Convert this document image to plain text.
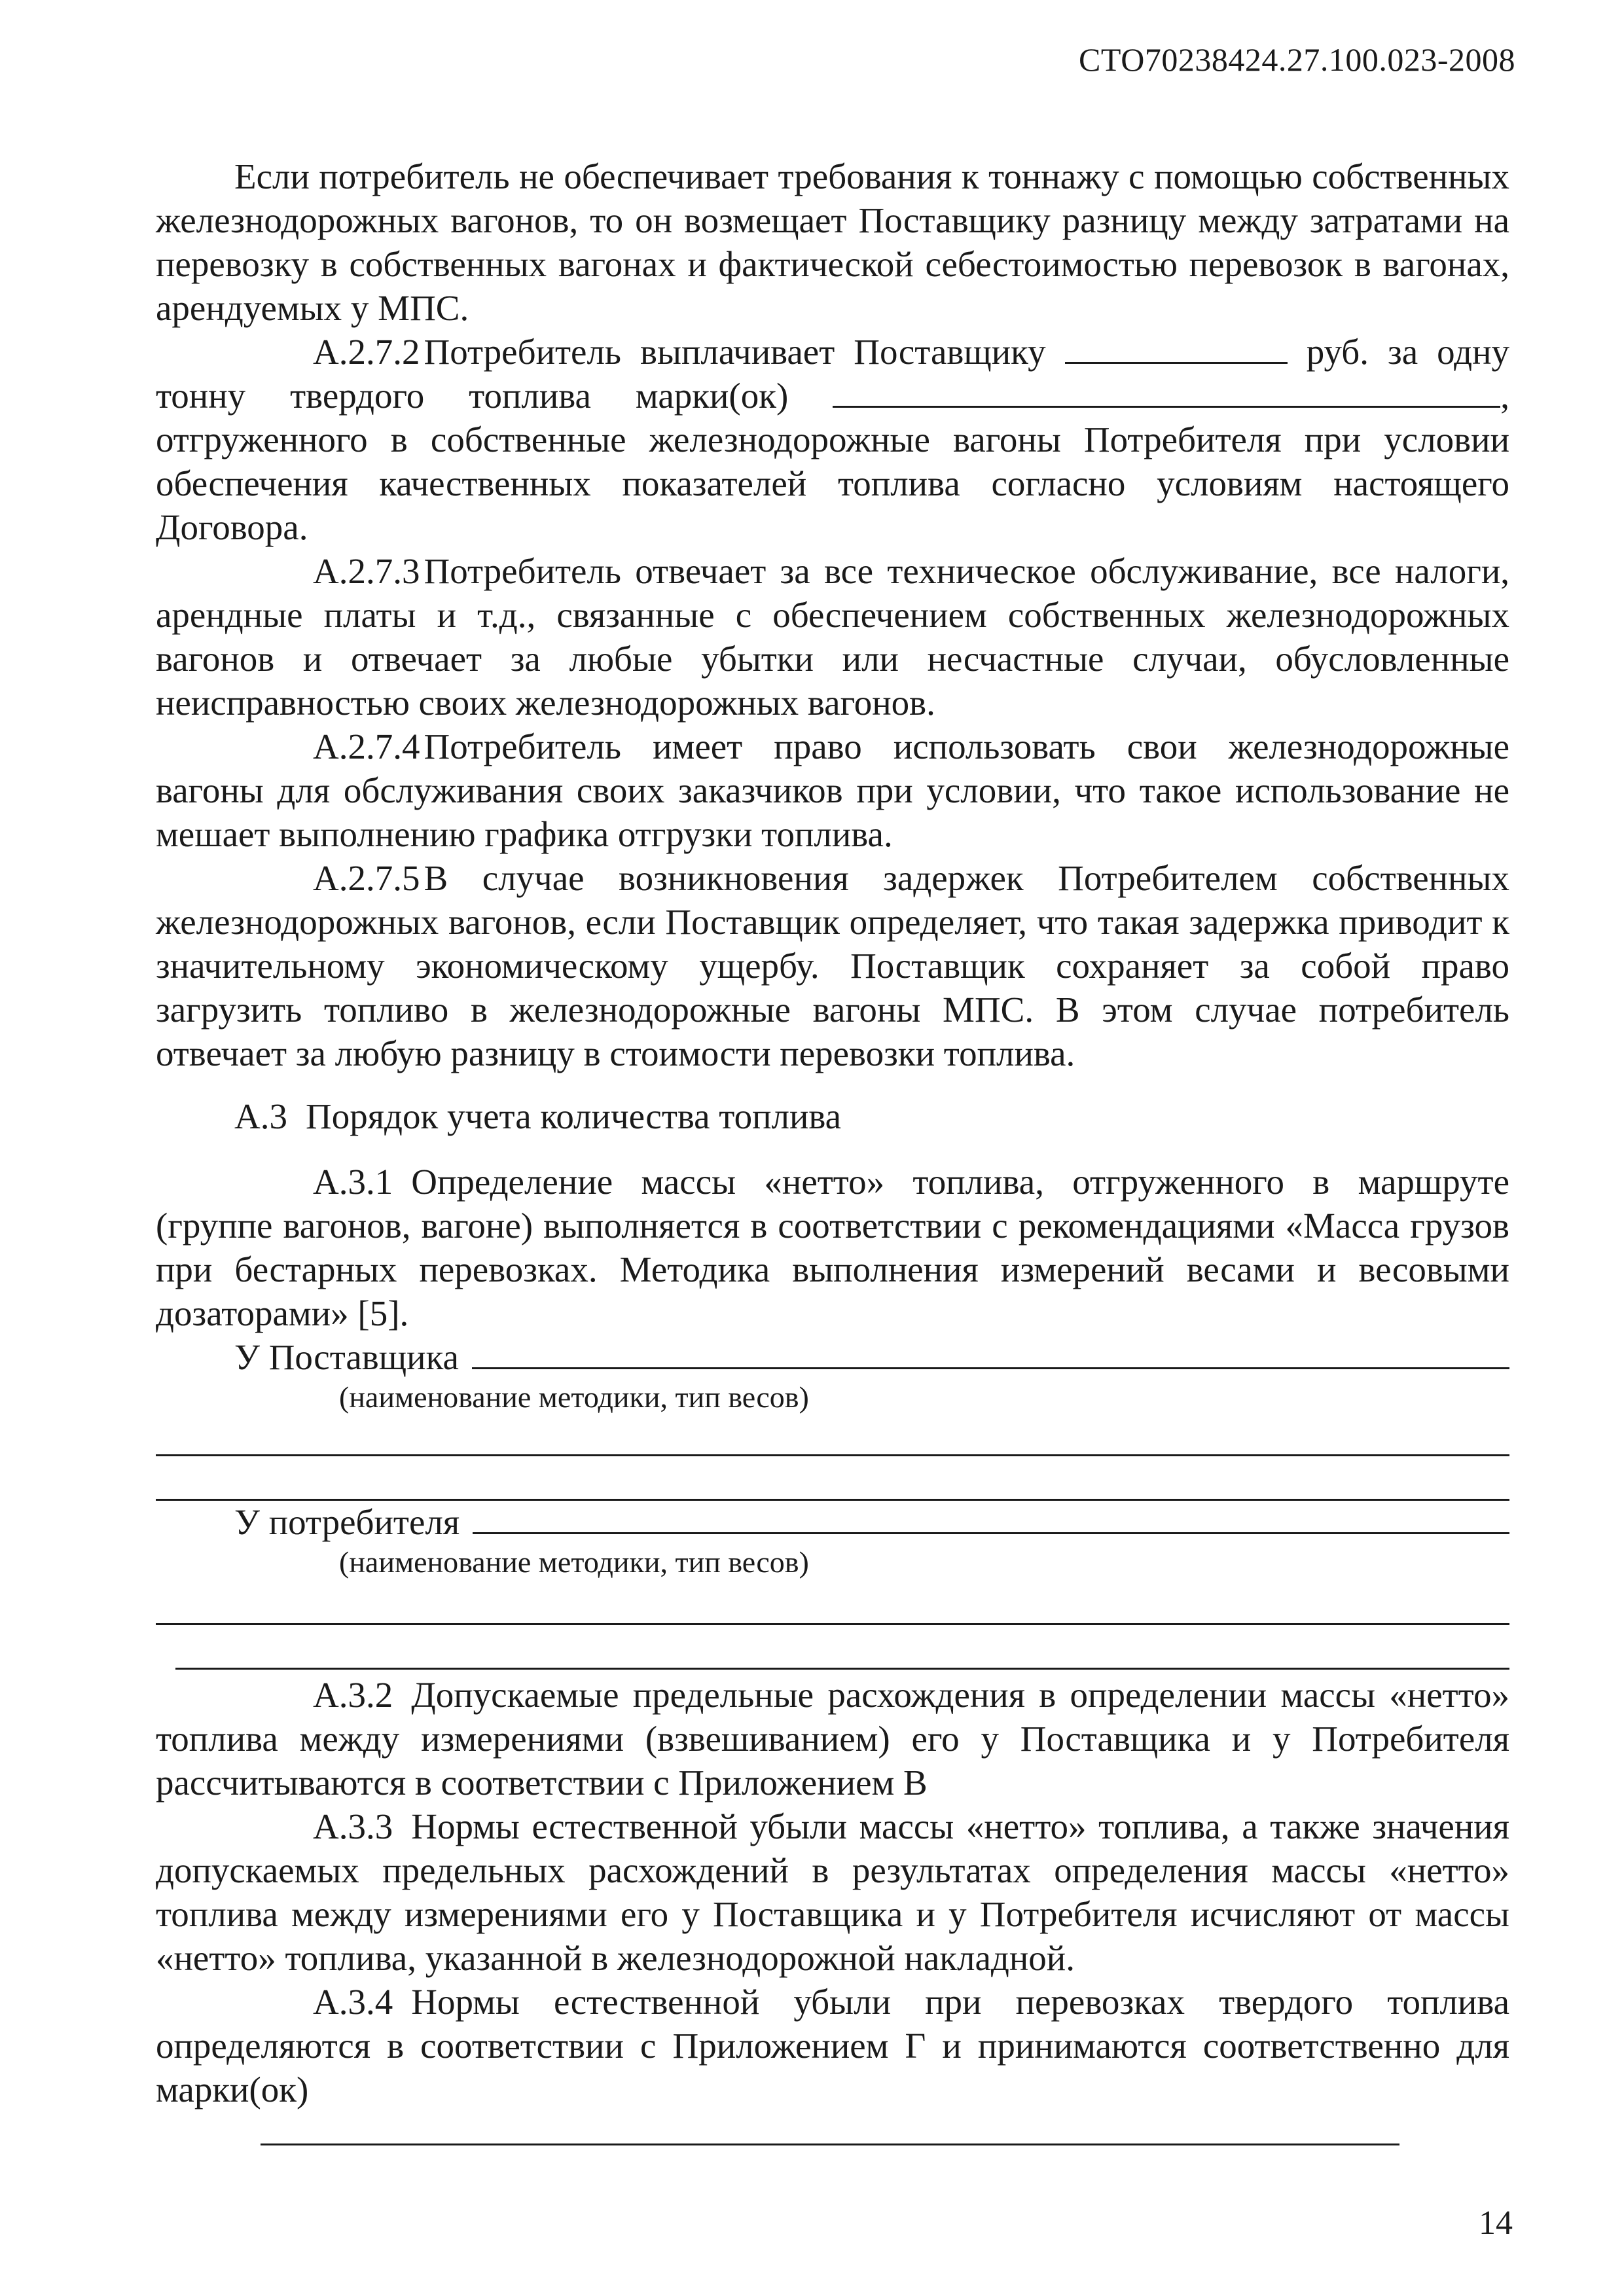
СТО70238424.27.100.023-2008

Если потребитель не обеспечивает требования к тоннажу с помощью собственных железнодорожных вагонов, то он возмещает Поставщику разницу между затратами на перевозку в собственных вагонах и фактической себестоимостью перевозок в вагонах, арендуемых у МПС.

А.2.7.2 Потребитель выплачивает Поставщику	руб. за одну тонну твердого топлива марки(ок)	, отгруженного в собственные железнодорожные вагоны Потребителя при условии обеспечения качественных показателей топлива согласно условиям настоящего Договора.

А.2.7.3 Потребитель отвечает за все техническое обслуживание, все налоги, арендные платы и т.д., связанные с обеспечением собственных железнодорожных вагонов и отвечает за любые убытки или несчастные случаи, обусловленные неисправностью своих железнодорожных вагонов.

А.2.7.4 Потребитель имеет право использовать свои железнодорожные вагоны для обслуживания своих заказчиков при условии, что такое использование не мешает выполнению графика отгрузки топлива.

А.2.7.5 В случае возникновения задержек Потребителем собственных железнодорожных вагонов, если Поставщик определяет, что такая задержка приводит к значительному экономическому ущербу. Поставщик сохраняет за собой право загрузить топливо в железнодорожные вагоны МПС. В этом случае потребитель отвечает за любую разницу в стоимости перевозки топлива.

А.3 Порядок учета количества топлива

А.3.1 Определение массы «нетто» топлива, отгруженного в маршруте (группе вагонов, вагоне) выполняется в соответствии с рекомендациями «Масса грузов при бестарных перевозках. Методика выполнения измерений весами и весовыми дозаторами» [5].

У Поставщика

(наименование методики, тип весов)

У потребителя

(наименование методики, тип весов)

А.3.2 Допускаемые предельные расхождения в определении массы «нетто» топлива между измерениями (взвешиванием) его у Поставщика и у Потребителя рассчитываются в соответствии с Приложением В

А.3.3 Нормы естественной убыли массы «нетто» топлива, а также значения допускаемых предельных расхождений в результатах определения массы «нетто» топлива между измерениями его у Поставщика и у Потребителя исчисляют от массы «нетто» топлива, указанной в железнодорожной накладной.

А.3.4 Нормы естественной убыли при перевозках твердого топлива определяются в соответствии с Приложением Г и принимаются соответственно для марки(ок)

14
